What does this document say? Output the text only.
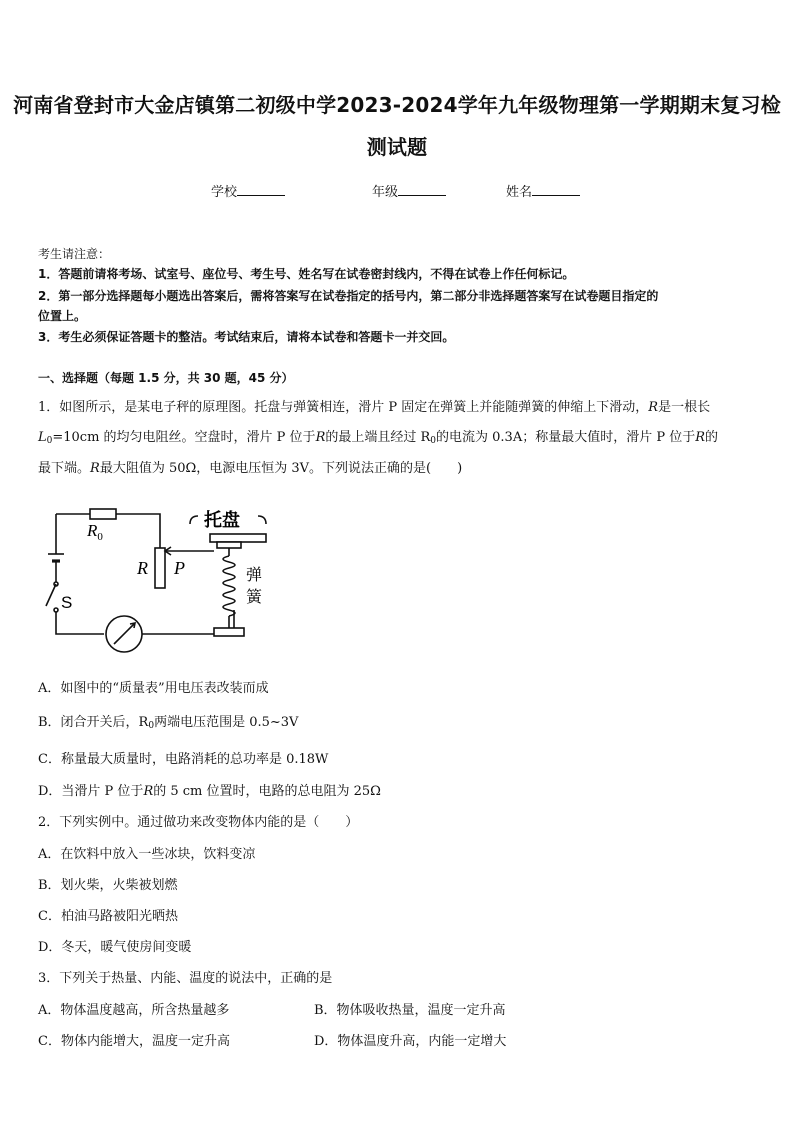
河南省登封市大金店镇第二初级中学2023-2024学年九年级物理第一学期期末复习检
测试题
学校	年级	姓名
考生请注意：
1．答题前请将考场、试室号、座位号、考生号、姓名写在试卷密封线内，不得在试卷上作任何标记。
2．第一部分选择题每小题选出答案后，需将答案写在试卷指定的括号内，第二部分非选择题答案写在试卷题目指定的
位置上。
3．考生必须保证答题卡的整洁。考试结束后，请将本试卷和答题卡一并交回。
一、选择题（每题 1.5 分，共 30 题，45 分）
1．如图所示，是某电子秤的原理图。托盘与弹簧相连，滑片 P 固定在弹簧上并能随弹簧的伸缩上下滑动，R是一根长
$L_0=10cm$ 的均匀电阻丝。空盘时，滑片 P 位于R的最上端且经过 $R_0$的电流为 0.3A；称量最大值时，滑片 P 位于R的
最下端。R最大阻值为 50Ω，电源电压恒为 3V。下列说法正确的是(　　)
$R_0$
R P
S
托盘
弹
簧
A．如图中的“质量表”用电压表改装而成
B．闭合开关后，$R_0$两端电压范围是 0.5~3V
C．称量最大质量时，电路消耗的总功率是 0.18W
D．当滑片 P 位于R的 5 cm 位置时，电路的总电阻为 25Ω
2．下列实例中。通过做功来改变物体内能的是（　　）
A．在饮料中放入一些冰块，饮料变凉
B．划火柴，火柴被划燃
C．柏油马路被阳光晒热
D．冬天，暖气使房间变暖
3．下列关于热量、内能、温度的说法中，正确的是
A．物体温度越高，所含热量越多	B．物体吸收热量，温度一定升高
C．物体内能增大，温度一定升高	D．物体温度升高，内能一定增大
